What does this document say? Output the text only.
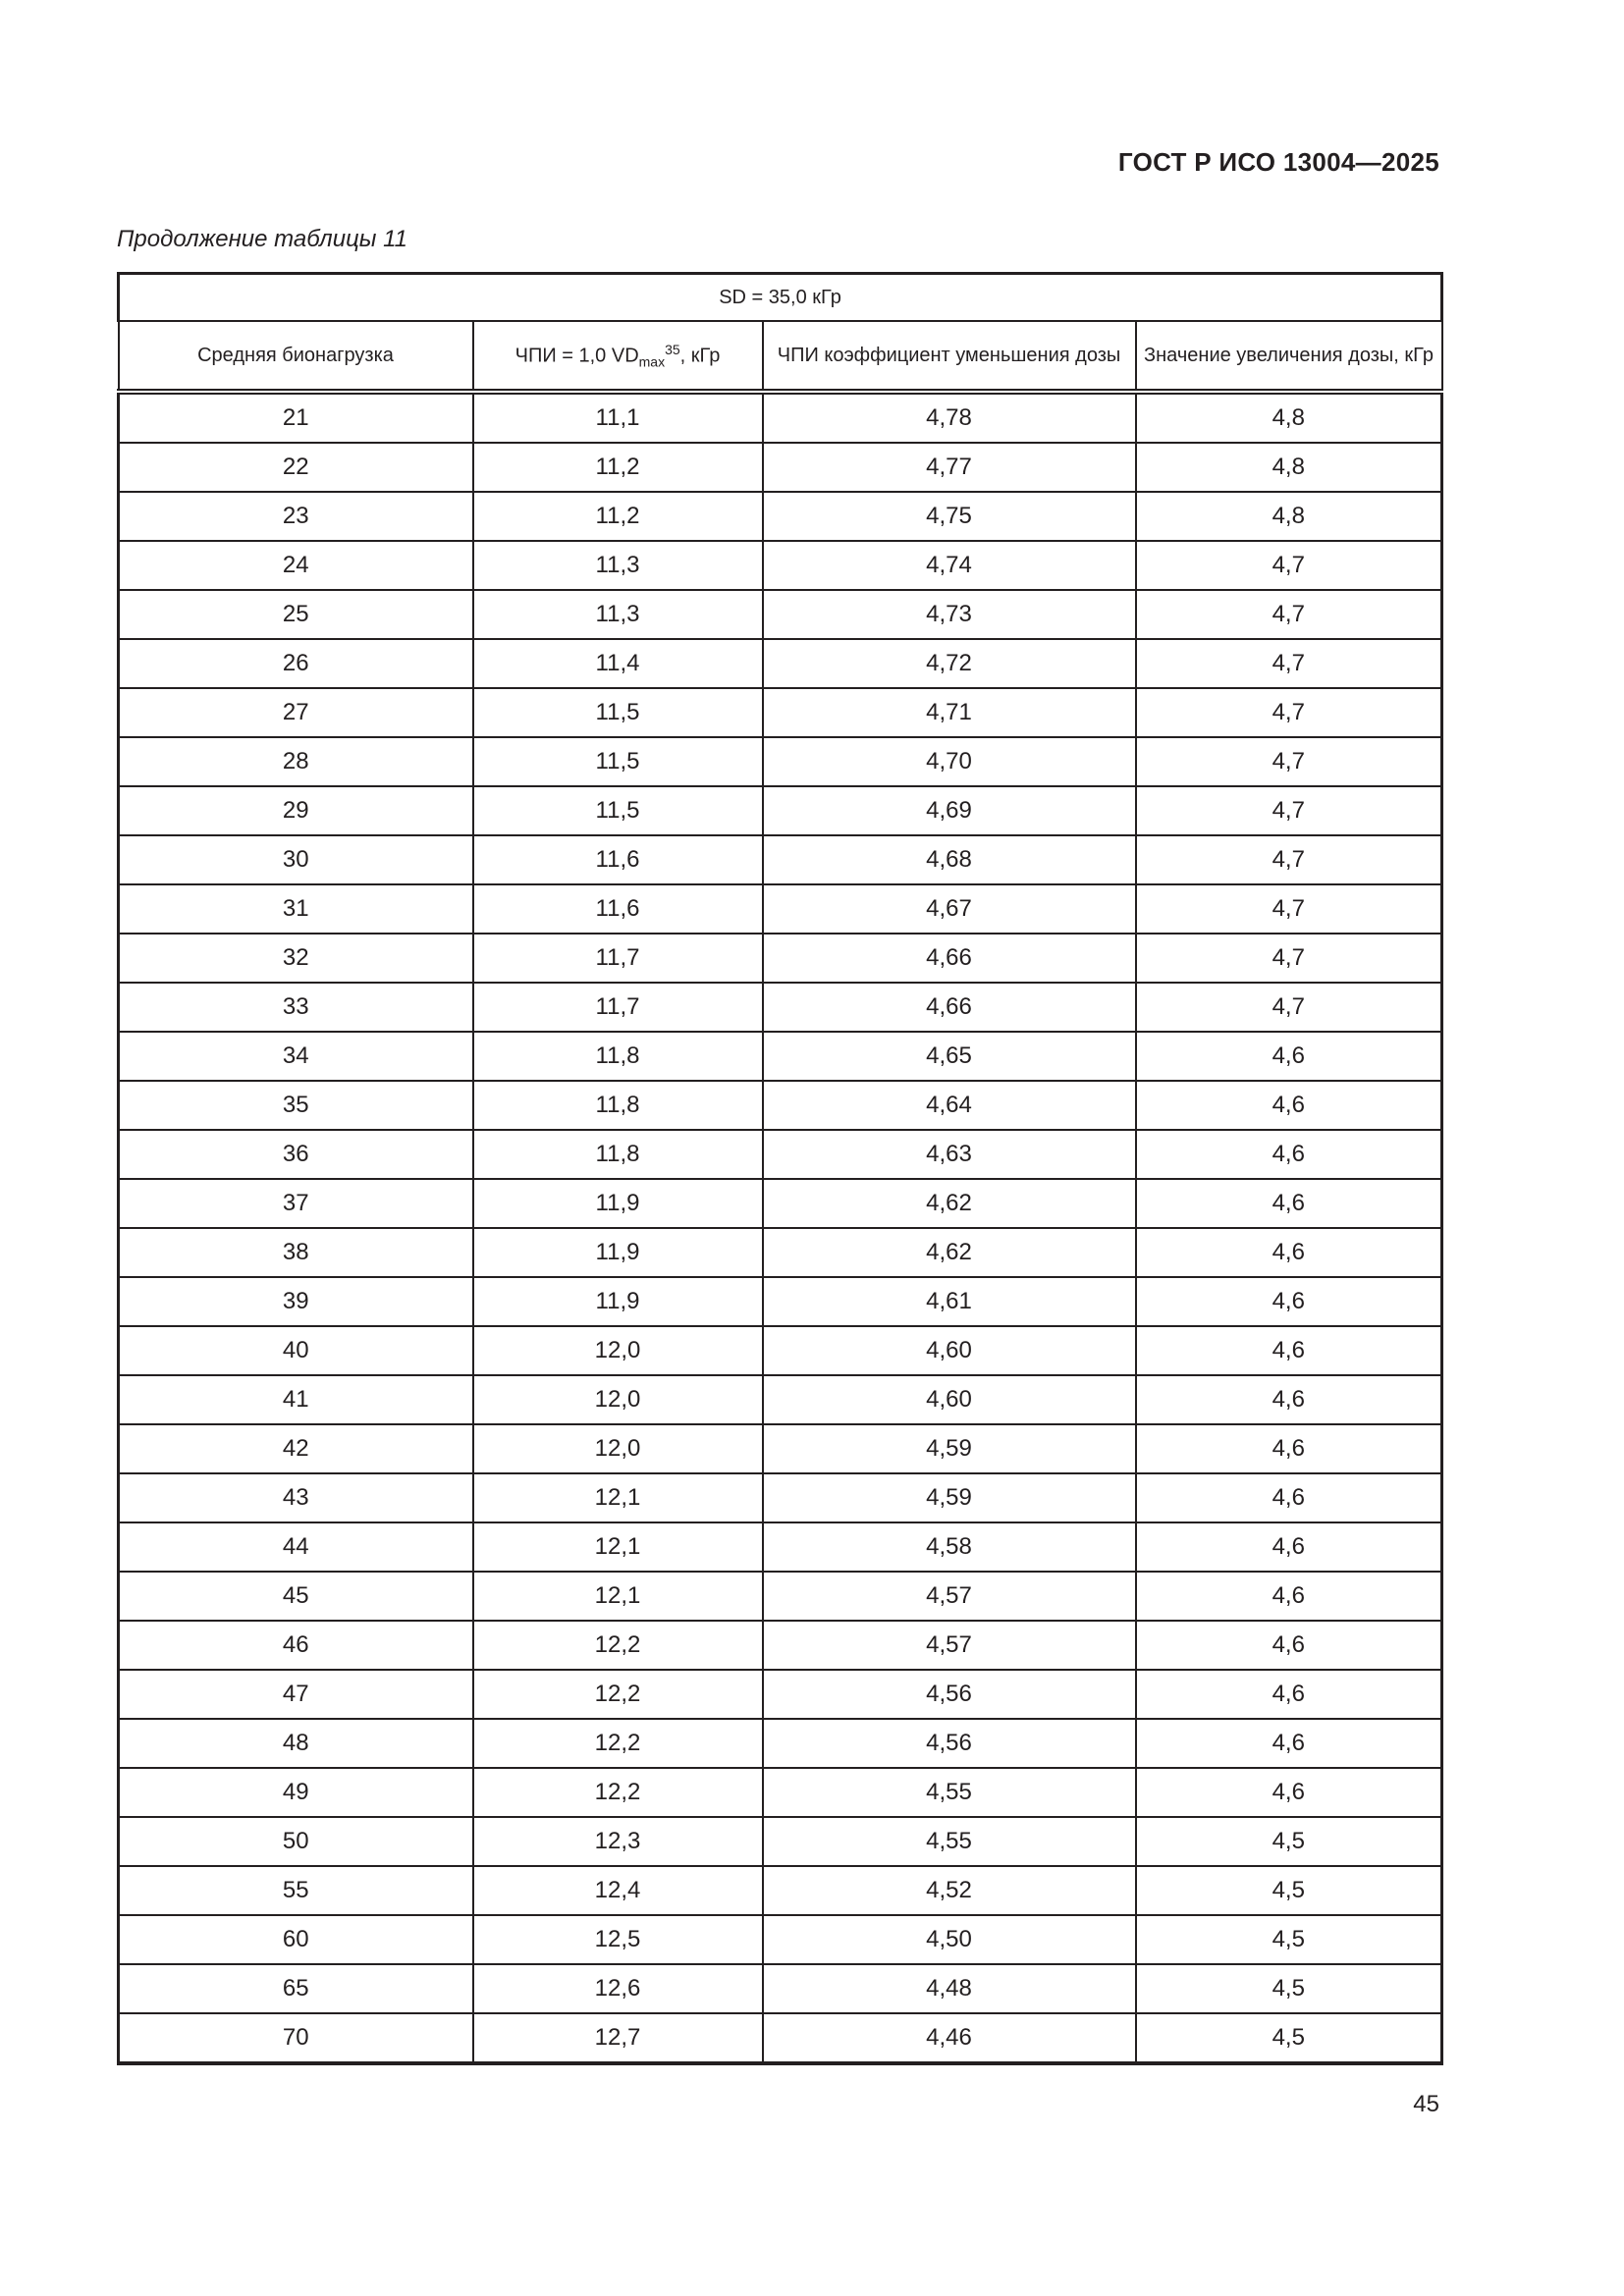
ГОСТ Р ИСО 13004—2025
Продолжение таблицы 11
SD = 35,0 кГр			
Средняя бионагрузка	ЧПИ = 1,0 $VD_{max}^{35}$, кГр	ЧПИ коэффициент уменьшения дозы	Значение увеличения дозы, кГр
21	11,1	4,78	4,8
22	11,2	4,77	4,8
23	11,2	4,75	4,8
24	11,3	4,74	4,7
25	11,3	4,73	4,7
26	11,4	4,72	4,7
27	11,5	4,71	4,7
28	11,5	4,70	4,7
29	11,5	4,69	4,7
30	11,6	4,68	4,7
31	11,6	4,67	4,7
32	11,7	4,66	4,7
33	11,7	4,66	4,7
34	11,8	4,65	4,6
35	11,8	4,64	4,6
36	11,8	4,63	4,6
37	11,9	4,62	4,6
38	11,9	4,62	4,6
39	11,9	4,61	4,6
40	12,0	4,60	4,6
41	12,0	4,60	4,6
42	12,0	4,59	4,6
43	12,1	4,59	4,6
44	12,1	4,58	4,6
45	12,1	4,57	4,6
46	12,2	4,57	4,6
47	12,2	4,56	4,6
48	12,2	4,56	4,6
49	12,2	4,55	4,6
50	12,3	4,55	4,5
55	12,4	4,52	4,5
60	12,5	4,50	4,5
65	12,6	4,48	4,5
70	12,7	4,46	4,5
45
